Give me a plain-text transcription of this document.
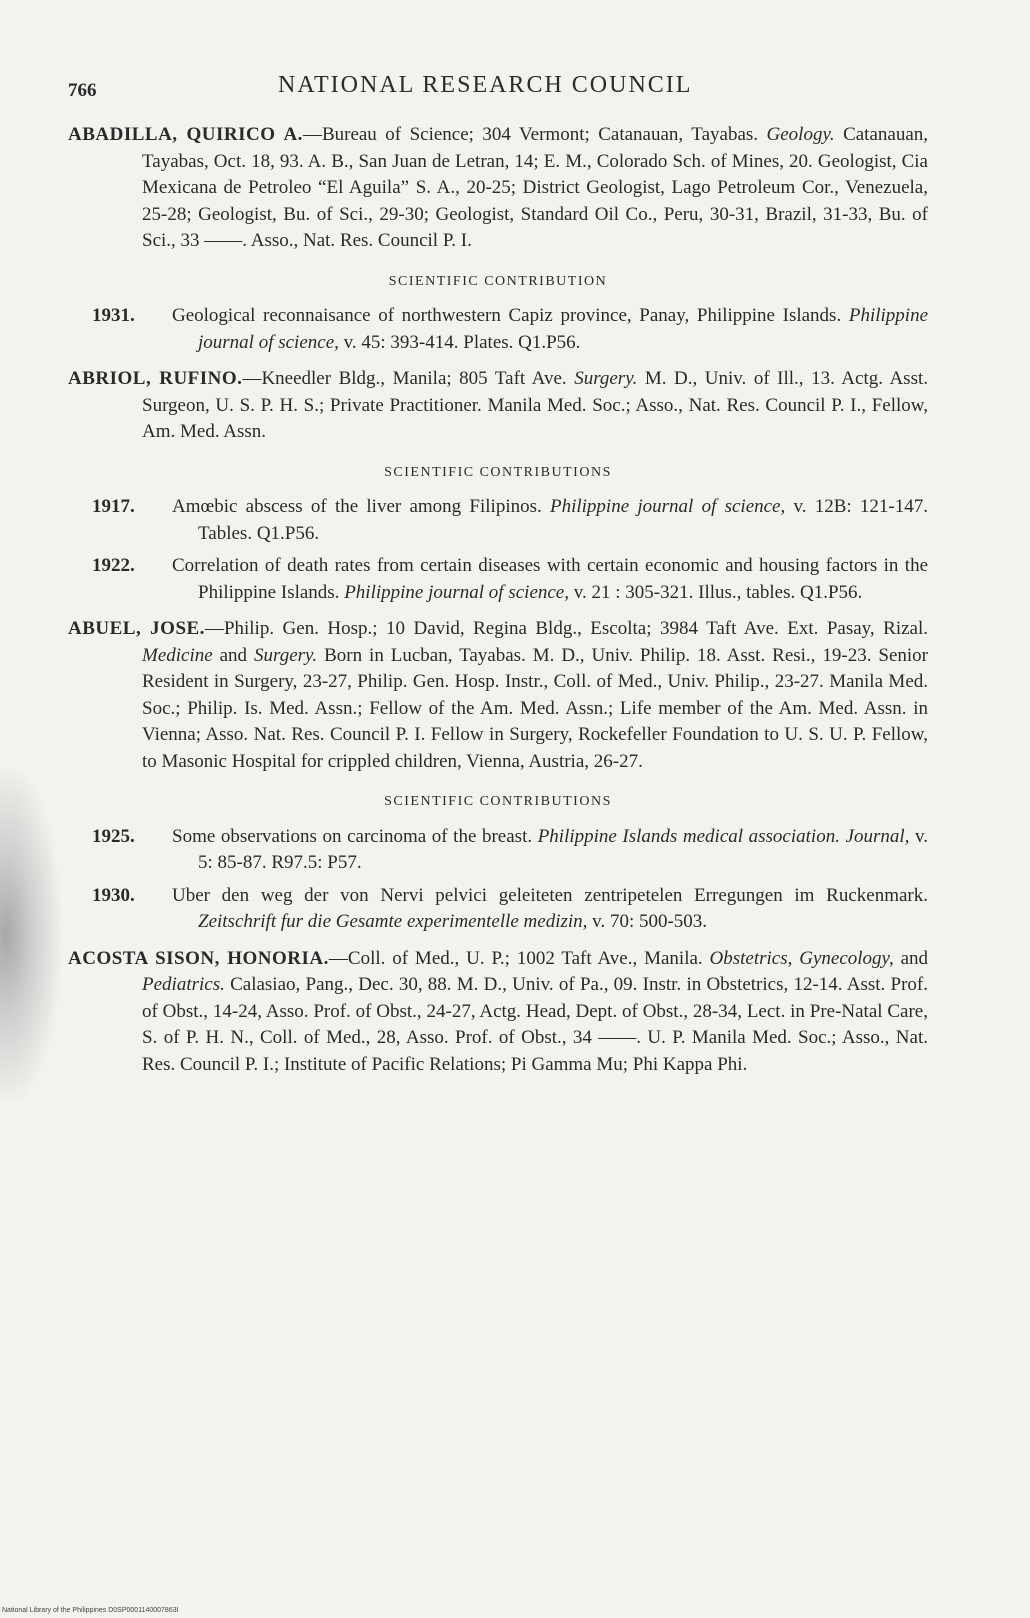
766	NATIONAL RESEARCH COUNCIL
ABADILLA, QUIRICO A.—Bureau of Science; 304 Vermont; Catanauan, Tayabas. Geology. Catanauan, Tayabas, Oct. 18, 93. A. B., San Juan de Letran, 14; E. M., Colorado Sch. of Mines, 20. Geologist, Cia Mexicana de Petroleo “El Aguila” S. A., 20-25; District Geologist, Lago Petroleum Cor., Venezuela, 25-28; Geologist, Bu. of Sci., 29-30; Geologist, Standard Oil Co., Peru, 30-31, Brazil, 31-33, Bu. of Sci., 33 ——. Asso., Nat. Res. Council P. I.
SCIENTIFIC CONTRIBUTION
1931.	Geological reconnaisance of northwestern Capiz province, Panay, Philippine Islands. Philippine journal of science, v. 45: 393-414. Plates. Q1.P56.
ABRIOL, RUFINO.—Kneedler Bldg., Manila; 805 Taft Ave. Surgery. M. D., Univ. of Ill., 13. Actg. Asst. Surgeon, U. S. P. H. S.; Private Practitioner. Manila Med. Soc.; Asso., Nat. Res. Council P. I., Fellow, Am. Med. Assn.
SCIENTIFIC CONTRIBUTIONS
1917.	Amœbic abscess of the liver among Filipinos. Philippine journal of science, v. 12B: 121-147. Tables. Q1.P56.
1922.	Correlation of death rates from certain diseases with certain economic and housing factors in the Philippine Islands. Philippine journal of science, v. 21 : 305-321. Illus., tables. Q1.P56.
ABUEL, JOSE.—Philip. Gen. Hosp.; 10 David, Regina Bldg., Escolta; 3984 Taft Ave. Ext. Pasay, Rizal. Medicine and Surgery. Born in Lucban, Tayabas. M. D., Univ. Philip. 18. Asst. Resi., 19-23. Senior Resident in Surgery, 23-27, Philip. Gen. Hosp. Instr., Coll. of Med., Univ. Philip., 23-27. Manila Med. Soc.; Philip. Is. Med. Assn.; Fellow of the Am. Med. Assn.; Life member of the Am. Med. Assn. in Vienna; Asso. Nat. Res. Council P. I. Fellow in Surgery, Rockefeller Foundation to U. S. U. P. Fellow, to Masonic Hospital for crippled children, Vienna, Austria, 26-27.
SCIENTIFIC CONTRIBUTIONS
1925.	Some observations on carcinoma of the breast. Philippine Islands medical association. Journal, v. 5: 85-87. R97.5: P57.
1930.	Uber den weg der von Nervi pelvici geleiteten zentripetelen Erregungen im Ruckenmark. Zeitschrift fur die Gesamte experimentelle medizin, v. 70: 500-503.
ACOSTA SISON, HONORIA.—Coll. of Med., U. P.; 1002 Taft Ave., Manila. Obstetrics, Gynecology, and Pediatrics. Calasiao, Pang., Dec. 30, 88. M. D., Univ. of Pa., 09. Instr. in Obstetrics, 12-14. Asst. Prof. of Obst., 14-24, Asso. Prof. of Obst., 24-27, Actg. Head, Dept. of Obst., 28-34, Lect. in Pre-Natal Care, S. of P. H. N., Coll. of Med., 28, Asso. Prof. of Obst., 34 ——. U. P. Manila Med. Soc.; Asso., Nat. Res. Council P. I.; Institute of Pacific Relations; Pi Gamma Mu; Phi Kappa Phi.
National Library of the Philippines D0SP0001140007863I
